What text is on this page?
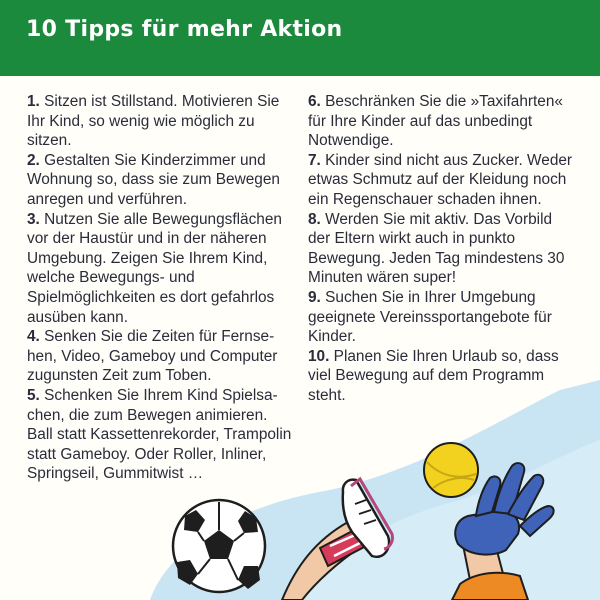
10 Tipps für mehr Aktion

1. Sitzen ist Stillstand. Motivieren Sie Ihr Kind, so wenig wie möglich zu sitzen.

2. Gestalten Sie Kinderzimmer und Wohnung so, dass sie zum Bewegen anregen und verführen.

3. Nutzen Sie alle Bewegungsflächen vor der Haustür und in der näheren Umgebung. Zeigen Sie Ihrem Kind, welche Bewegungs- und Spielmöglichkeiten es dort gefahrlos ausüben kann.

4. Senken Sie die Zeiten für Fernsehen, Video, Gameboy und Computer zugunsten Zeit zum Toben.

5. Schenken Sie Ihrem Kind Spielsachen, die zum Bewegen animieren. Ball statt Kassettenrekorder, Trampolin statt Gameboy. Oder Roller, Inliner, Springseil, Gummitwist …

6. Beschränken Sie die »Taxifahrten« für Ihre Kinder auf das unbedingt Notwendige.

7. Kinder sind nicht aus Zucker. Weder etwas Schmutz auf der Kleidung noch ein Regenschauer schaden ihnen.

8. Werden Sie mit aktiv. Das Vorbild der Eltern wirkt auch in punkto Bewegung. Jeden Tag mindestens 30 Minuten wären super!

9. Suchen Sie in Ihrer Umgebung geeignete Vereinssportangebote für Kinder.

10. Planen Sie Ihren Urlaub so, dass viel Bewegung auf dem Programm steht.
